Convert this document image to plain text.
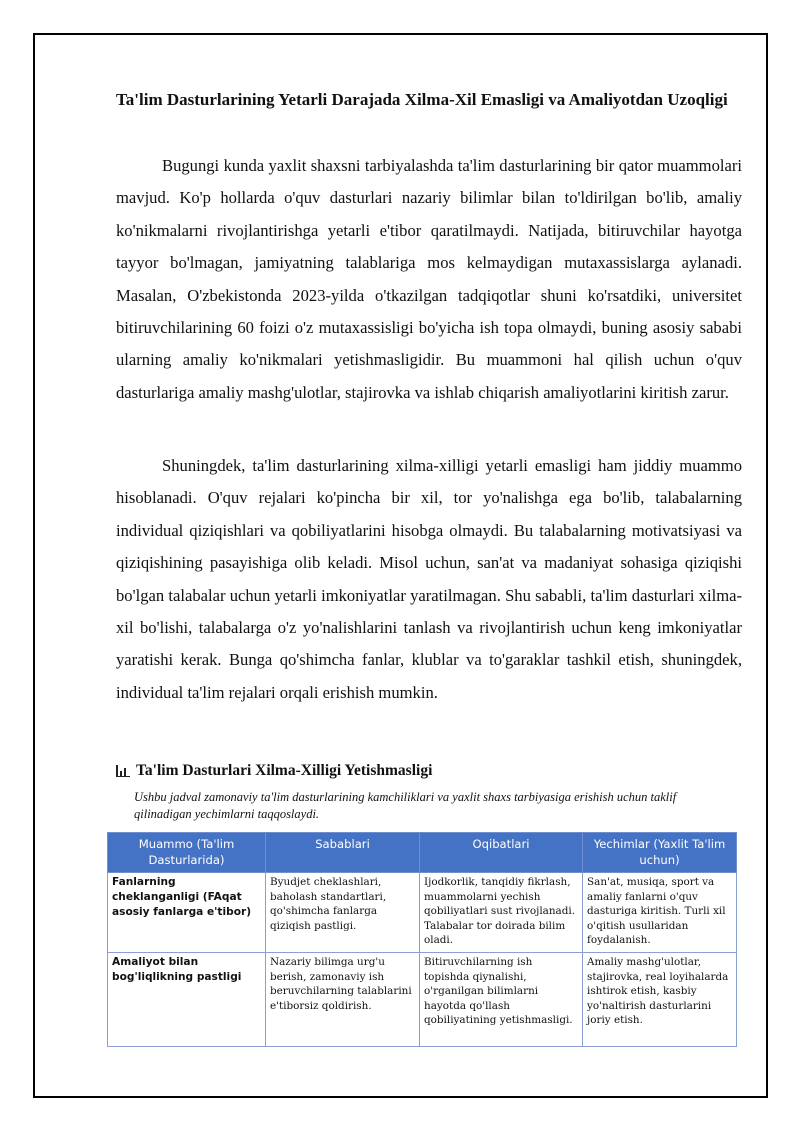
Ta'lim Dasturlarining Yetarli Darajada Xilma-Xil Emasligi va Amaliyotdan Uzoqligi

Bugungi kunda yaxlit shaxsni tarbiyalashda ta'lim dasturlarining bir qator muammolari mavjud. Ko'p hollarda o'quv dasturlari nazariy bilimlar bilan to'ldirilgan bo'lib, amaliy ko'nikmalarni rivojlantirishga yetarli e'tibor qaratilmaydi. Natijada, bitiruvchilar hayotga tayyor bo'lmagan, jamiyatning talablariga mos kelmaydigan mutaxassislarga aylanadi. Masalan, O'zbekistonda 2023-yilda o'tkazilgan tadqiqotlar shuni ko'rsatdiki, universitet bitiruvchilarining 60 foizi o'z mutaxassisligi bo'yicha ish topa olmaydi, buning asosiy sababi ularning amaliy ko'nikmalari yetishmasligidir. Bu muammoni hal qilish uchun o'quv dasturlariga amaliy mashg'ulotlar, stajirovka va ishlab chiqarish amaliyotlarini kiritish zarur.

Shuningdek, ta'lim dasturlarining xilma-xilligi yetarli emasligi ham jiddiy muammo hisoblanadi. O'quv rejalari ko'pincha bir xil, tor yo'nalishga ega bo'lib, talabalarning individual qiziqishlari va qobiliyatlarini hisobga olmaydi. Bu talabalarning motivatsiyasi va qiziqishining pasayishiga olib keladi. Misol uchun, san'at va madaniyat sohasiga qiziqishi bo'lgan talabalar uchun yetarli imkoniyatlar yaratilmagan. Shu sababli, ta'lim dasturlari xilma-xil bo'lishi, talabalarga o'z yo'nalishlarini tanlash va rivojlantirish uchun keng imkoniyatlar yaratishi kerak. Bunga qo'shimcha fanlar, klublar va to'garaklar tashkil etish, shuningdek, individual ta'lim rejalari orqali erishish mumkin.

Ta'lim Dasturlari Xilma-Xilligi Yetishmasligi

Ushbu jadval zamonaviy ta'lim dasturlarining kamchiliklari va yaxlit shaxs tarbiyasiga erishish uchun taklif qilinadigan yechimlarni taqqoslaydi.

Muammo (Ta'lim Dasturlarida)	Sabablari	Oqibatlari	Yechimlar (Yaxlit Ta'lim uchun)
Fanlarning cheklanganligi (FAqat asosiy fanlarga e'tibor)	Byudjet cheklashlari, baholash standartlari, qo'shimcha fanlarga qiziqish pastligi.	Ijodkorlik, tanqidiy fikrlash, muammolarni yechish qobiliyatlari sust rivojlanadi. Talabalar tor doirada bilim oladi.	San'at, musiqa, sport va amaliy fanlarni o'quv dasturiga kiritish. Turli xil o'qitish usullaridan foydalanish.
Amaliyot bilan bog'liqlikning pastligi	Nazariy bilimga urg'u berish, zamonaviy ish beruvchilarning talablarini e'tiborsiz qoldirish.	Bitiruvchilarning ish topishda qiynalishi, o'rganilgan bilimlarni hayotda qo'llash qobiliyatining yetishmasligi.	Amaliy mashg'ulotlar, stajirovka, real loyihalarda ishtirok etish, kasbiy yo'naltirish dasturlarini joriy etish.
